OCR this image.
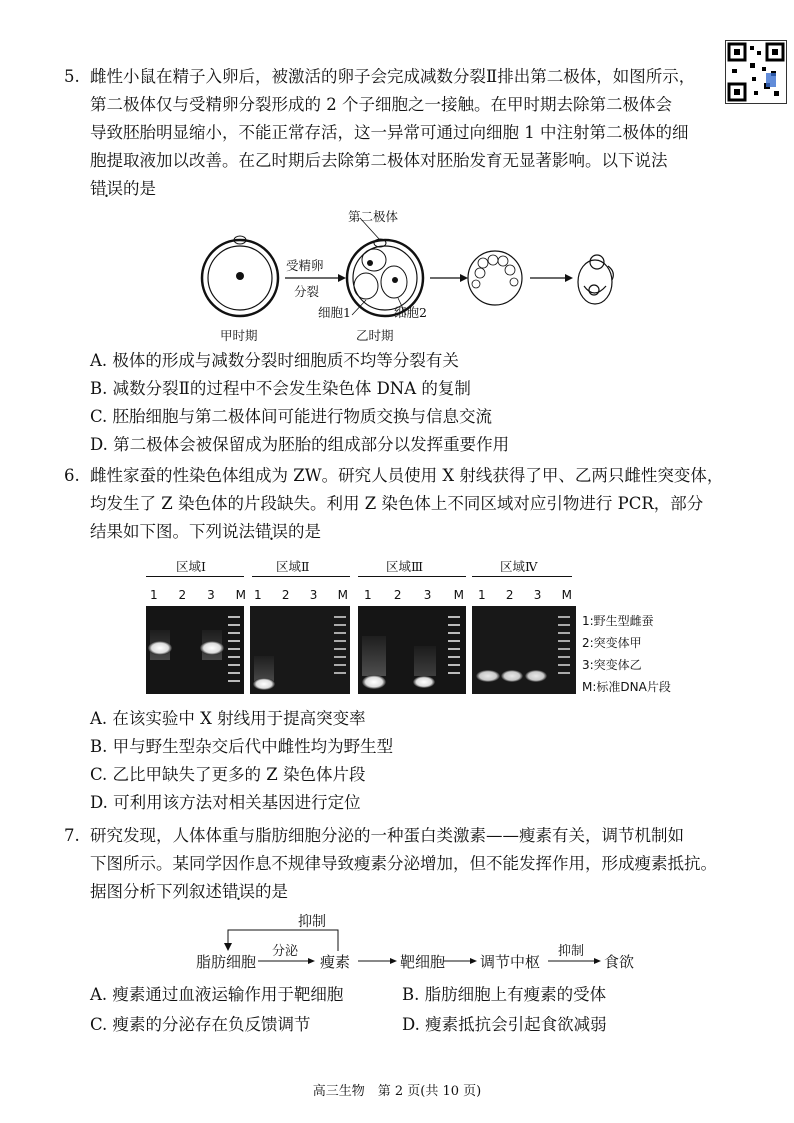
5. 雌性小鼠在精子入卵后，被激活的卵子会完成减数分裂Ⅱ排出第二极体，如图所示，
第二极体仅与受精卵分裂形成的 2 个子细胞之一接触。在甲时期去除第二极体会
导致胚胎明显缩小，不能正常存活，这一异常可通过向细胞 1 中注射第二极体的细
胞提取液加以改善。在乙时期后去除第二极体对胚胎发育无显著影响。以下说法
错误的是
第二极体
受精卵
分裂
细胞1	细胞2
甲时期	乙时期
A. 极体的形成与减数分裂时细胞质不均等分裂有关
B. 减数分裂Ⅱ的过程中不会发生染色体 DNA 的复制
C. 胚胎细胞与第二极体间可能进行物质交换与信息交流
D. 第二极体会被保留成为胚胎的组成部分以发挥重要作用
6. 雌性家蚕的性染色体组成为 ZW。研究人员使用 X 射线获得了甲、乙两只雌性突变体，
均发生了 Z 染色体的片段缺失。利用 Z 染色体上不同区域对应引物进行 PCR，部分
结果如下图。下列说法错误的是
区域Ⅰ	区域Ⅱ	区域Ⅲ	区域Ⅳ
1 2 3 M 1 2 3 M 1 2 3 M 1 2 3 M
1:野生型雌蚕
2:突变体甲
3:突变体乙
M:标准DNA片段
A. 在该实验中 X 射线用于提高突变率
B. 甲与野生型杂交后代中雌性均为野生型
C. 乙比甲缺失了更多的 Z 染色体片段
D. 可利用该方法对相关基因进行定位
7. 研究发现，人体体重与脂肪细胞分泌的一种蛋白类激素——瘦素有关，调节机制如
下图所示。某同学因作息不规律导致瘦素分泌增加，但不能发挥作用，形成瘦素抵抗。
据图分析下列叙述错误的是
抑制
脂肪细胞
分泌
瘦素	靶细胞 调节中枢
抑制
食欲
A. 瘦素通过血液运输作用于靶细胞	B. 脂肪细胞上有瘦素的受体
C. 瘦素的分泌存在负反馈调节	D. 瘦素抵抗会引起食欲减弱
高三生物　第 2 页(共 10 页)
